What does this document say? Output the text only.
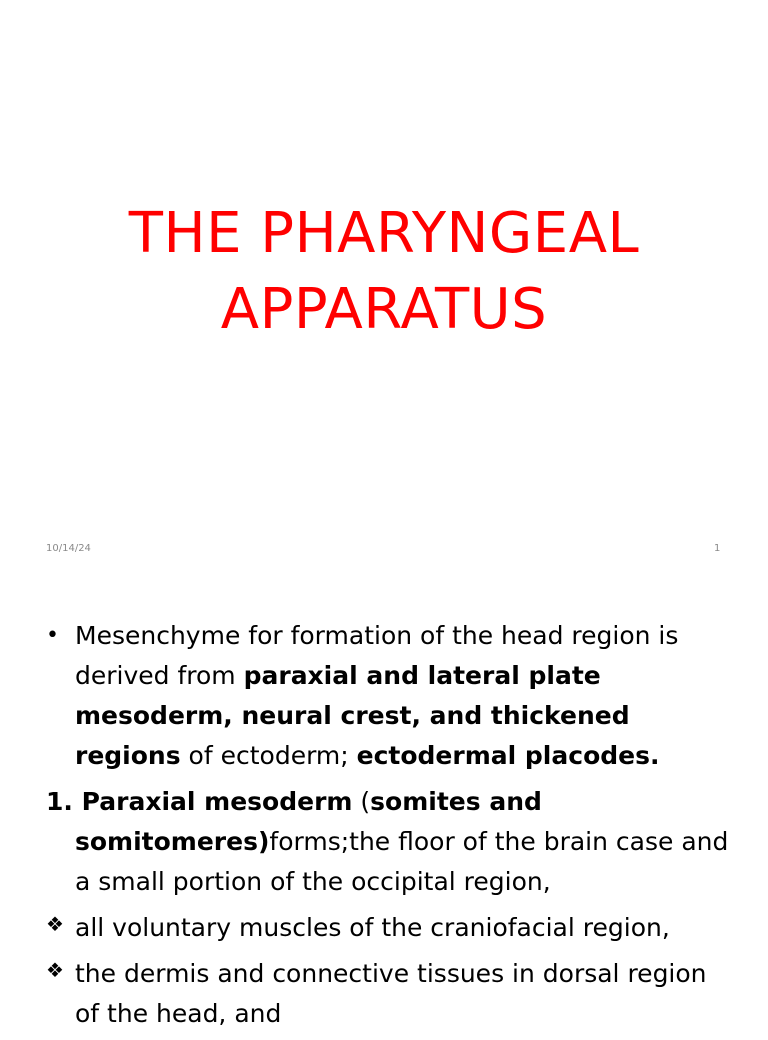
THE PHARYNGEAL
APPARATUS
10/14/24	1
• Mesenchyme for formation of the head region is derived from paraxial and lateral plate mesoderm, neural crest, and thickened regions of ectoderm; ectodermal placodes.
1. Paraxial mesoderm (somites and somitomeres)forms;the floor of the brain case and a small portion of the occipital region,
❖ all voluntary muscles of the craniofacial region,
❖ the dermis and connective tissues in dorsal region of the head, and
